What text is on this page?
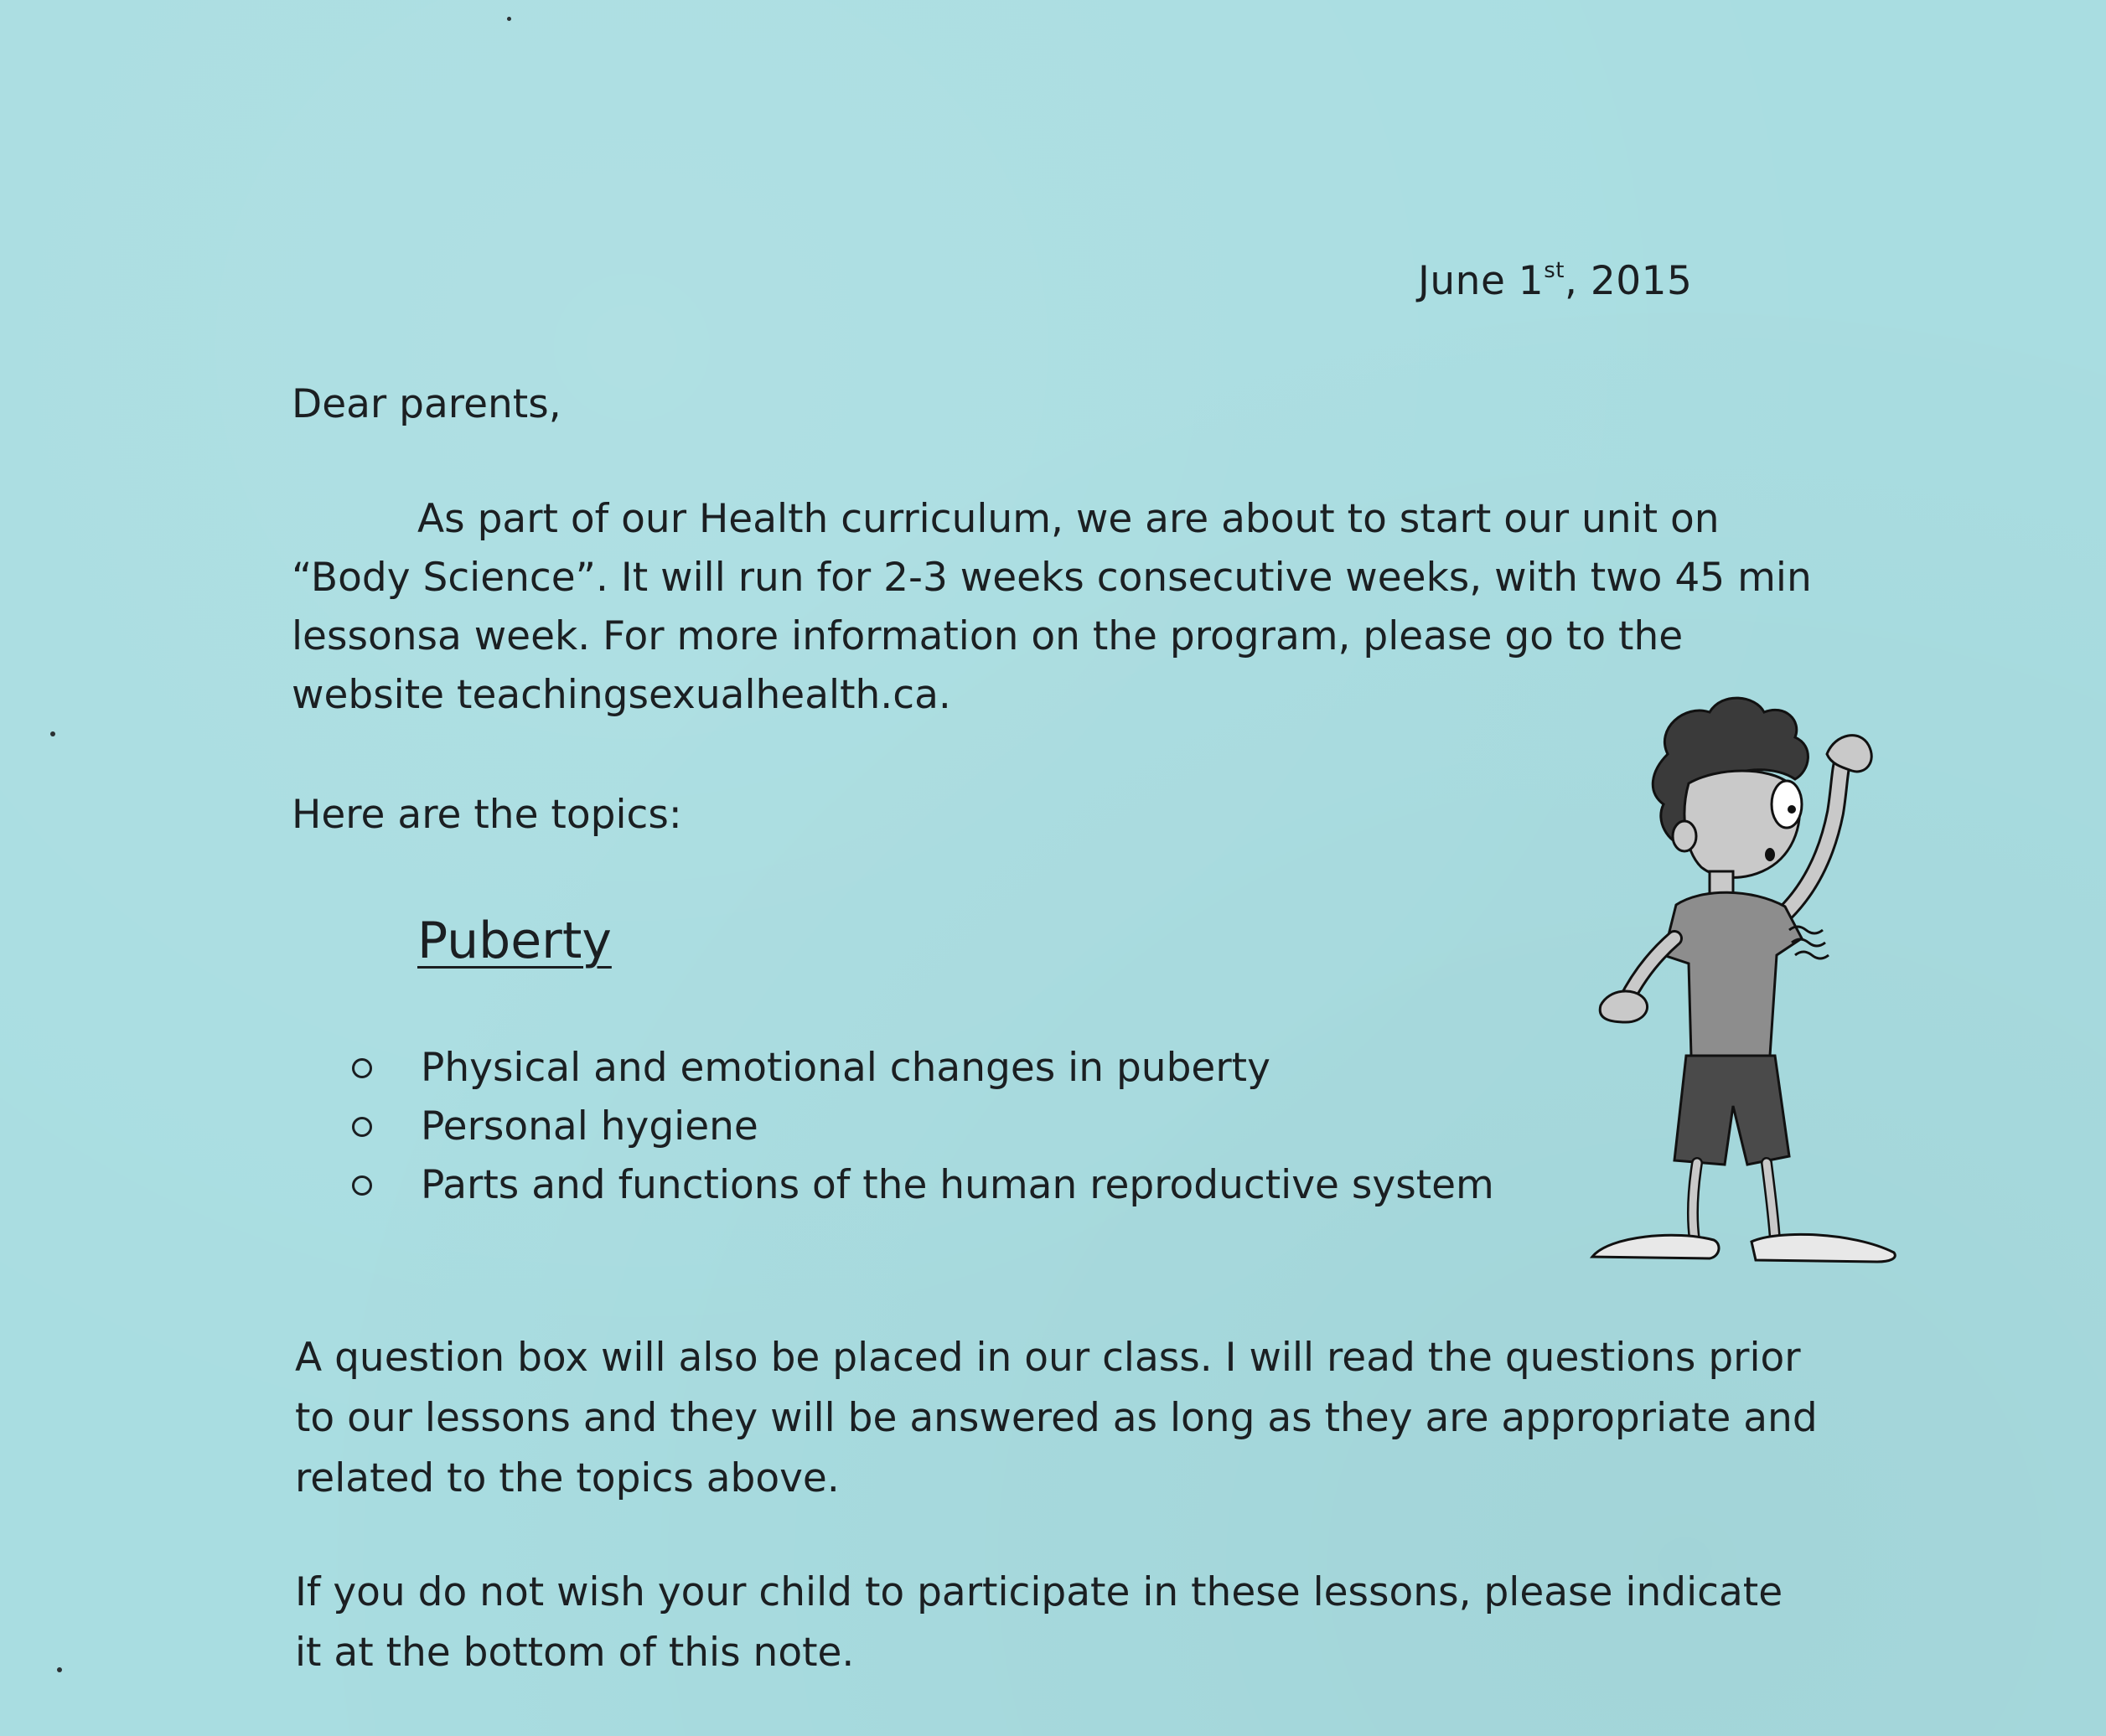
June 1st, 2015
Dear parents,
As part of our Health curriculum, we are about to start our unit on
“Body Science”. It will run for 2-3 weeks consecutive weeks, with two 45 min
lessonsa week. For more information on the program, please go to the
website teachingsexualhealth.ca.
Here are the topics:
Puberty
Physical and emotional changes in puberty
Personal hygiene
Parts and functions of the human reproductive system
A question box will also be placed in our class. I will read the questions prior
to our lessons and they will be answered as long as they are appropriate and
related to the topics above.
If you do not wish your child to participate in these lessons, please indicate
it at the bottom of this note.
